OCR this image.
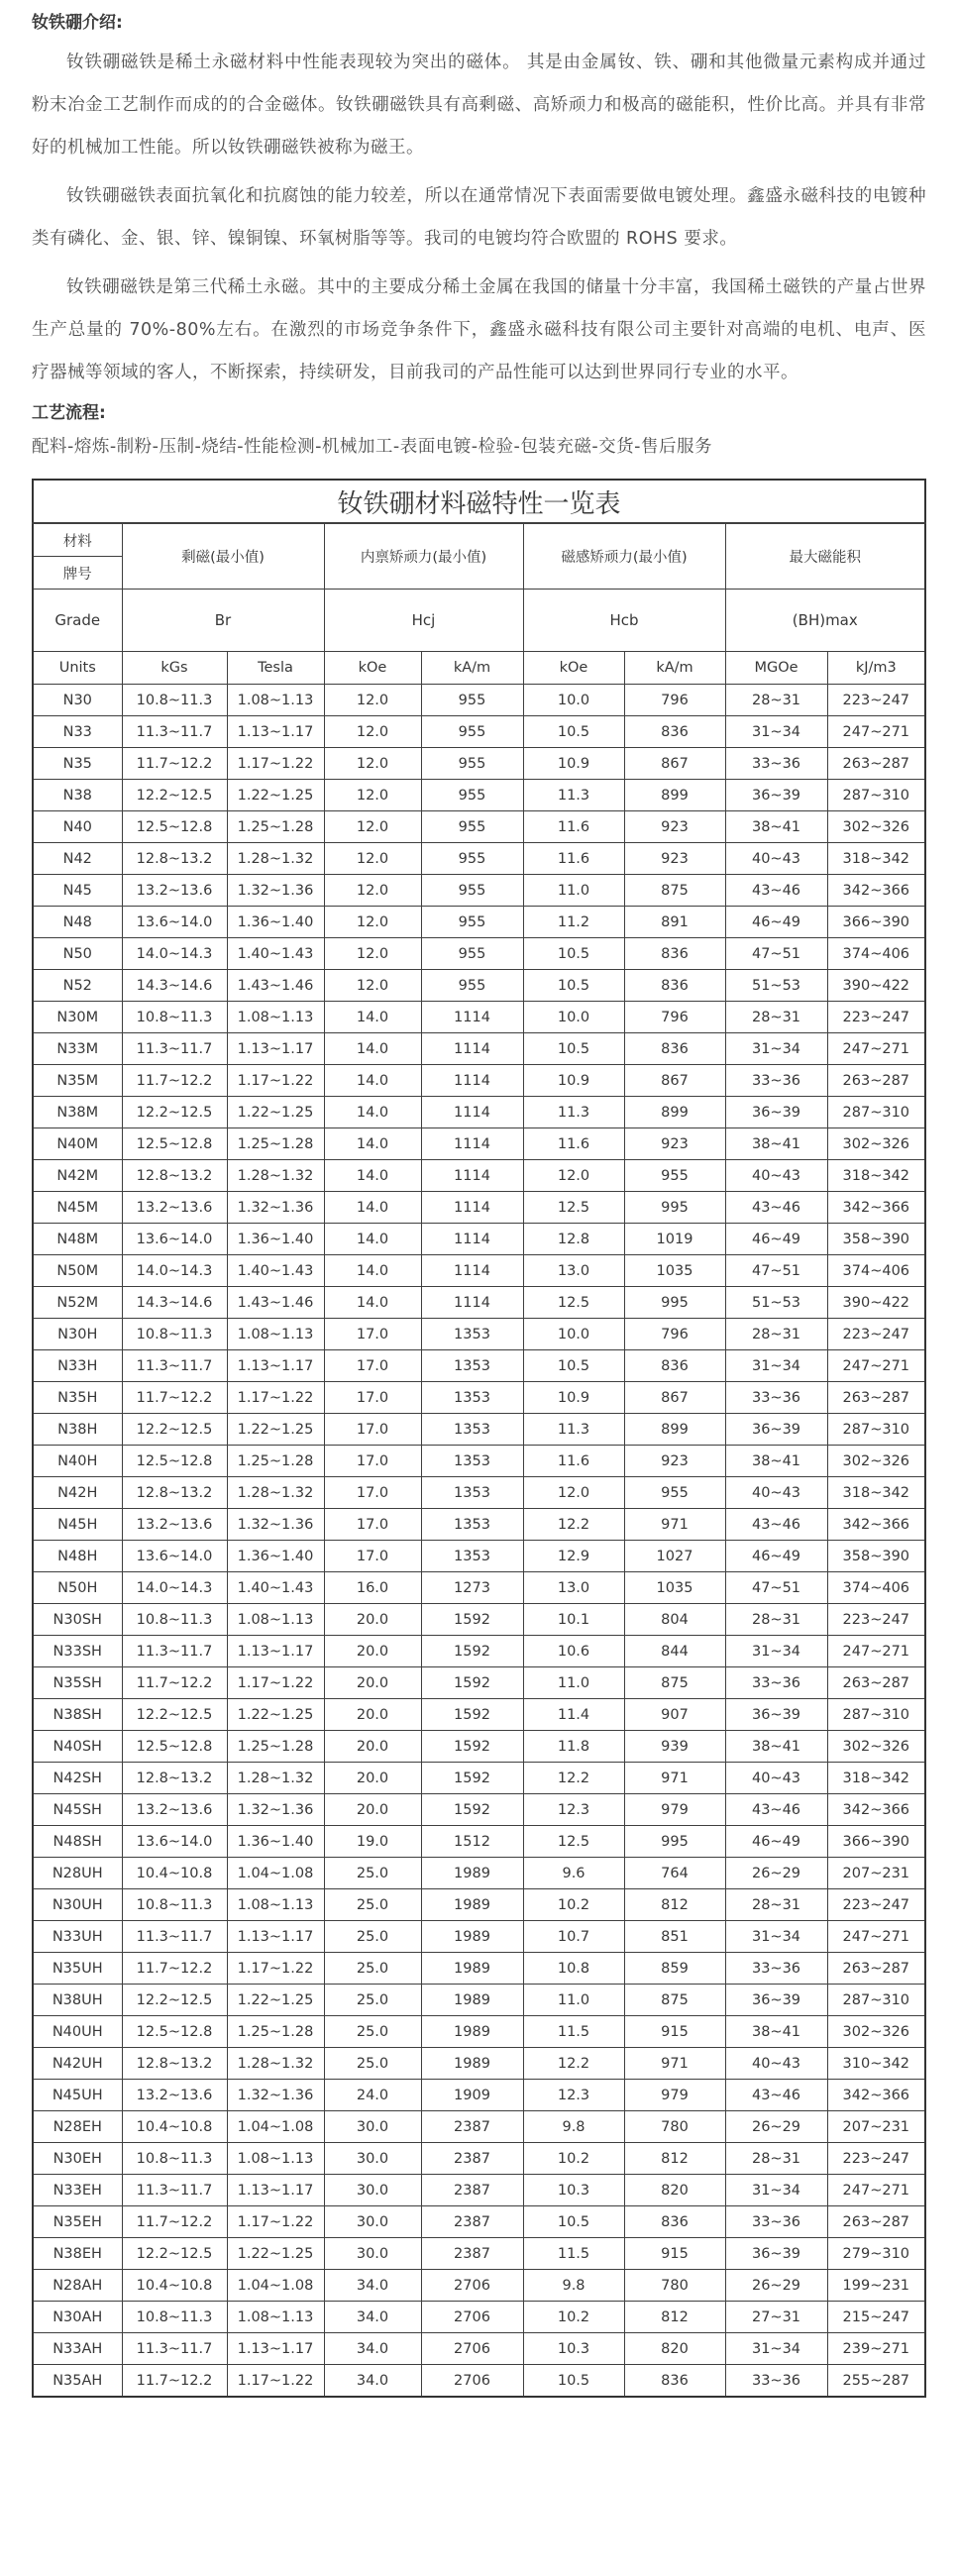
钕铁硼介绍:

钕铁硼磁铁是稀土永磁材料中性能表现较为突出的磁体。 其是由金属钕、铁、硼和其他微量元素构成并通过粉末冶金工艺制作而成的的合金磁体。钕铁硼磁铁具有高剩磁、高矫顽力和极高的磁能积，性价比高。并具有非常好的机械加工性能。所以钕铁硼磁铁被称为磁王。

钕铁硼磁铁表面抗氧化和抗腐蚀的能力较差，所以在通常情况下表面需要做电镀处理。鑫盛永磁科技的电镀种类有磷化、金、银、锌、镍铜镍、环氧树脂等等。我司的电镀均符合欧盟的 ROHS 要求。

钕铁硼磁铁是第三代稀土永磁。其中的主要成分稀土金属在我国的储量十分丰富，我国稀土磁铁的产量占世界生产总量的 70%-80%左右。在激烈的市场竞争条件下，鑫盛永磁科技有限公司主要针对高端的电机、电声、医疗器械等领域的客人，不断探索，持续研发，目前我司的产品性能可以达到世界同行专业的水平。

工艺流程:
配料-熔炼-制粉-压制-烧结-性能检测-机械加工-表面电镀-检验-包装充磁-交货-售后服务
钕铁硼材料磁特性一览表								
材料	剩磁(最小值)		内禀矫顽力(最小值)		磁感矫顽力(最小值)		最大磁能积	
牌号								
Grade	Br		Hcj		Hcb		(BH)max	
Units	kGs	Tesla	kOe	kA/m	kOe	kA/m	MGOe	kJ/m3
N30	10.8~11.3	1.08~1.13	12.0	955	10.0	796	28~31	223~247
N33	11.3~11.7	1.13~1.17	12.0	955	10.5	836	31~34	247~271
N35	11.7~12.2	1.17~1.22	12.0	955	10.9	867	33~36	263~287
N38	12.2~12.5	1.22~1.25	12.0	955	11.3	899	36~39	287~310
N40	12.5~12.8	1.25~1.28	12.0	955	11.6	923	38~41	302~326
N42	12.8~13.2	1.28~1.32	12.0	955	11.6	923	40~43	318~342
N45	13.2~13.6	1.32~1.36	12.0	955	11.0	875	43~46	342~366
N48	13.6~14.0	1.36~1.40	12.0	955	11.2	891	46~49	366~390
N50	14.0~14.3	1.40~1.43	12.0	955	10.5	836	47~51	374~406
N52	14.3~14.6	1.43~1.46	12.0	955	10.5	836	51~53	390~422
N30M	10.8~11.3	1.08~1.13	14.0	1114	10.0	796	28~31	223~247
N33M	11.3~11.7	1.13~1.17	14.0	1114	10.5	836	31~34	247~271
N35M	11.7~12.2	1.17~1.22	14.0	1114	10.9	867	33~36	263~287
N38M	12.2~12.5	1.22~1.25	14.0	1114	11.3	899	36~39	287~310
N40M	12.5~12.8	1.25~1.28	14.0	1114	11.6	923	38~41	302~326
N42M	12.8~13.2	1.28~1.32	14.0	1114	12.0	955	40~43	318~342
N45M	13.2~13.6	1.32~1.36	14.0	1114	12.5	995	43~46	342~366
N48M	13.6~14.0	1.36~1.40	14.0	1114	12.8	1019	46~49	358~390
N50M	14.0~14.3	1.40~1.43	14.0	1114	13.0	1035	47~51	374~406
N52M	14.3~14.6	1.43~1.46	14.0	1114	12.5	995	51~53	390~422
N30H	10.8~11.3	1.08~1.13	17.0	1353	10.0	796	28~31	223~247
N33H	11.3~11.7	1.13~1.17	17.0	1353	10.5	836	31~34	247~271
N35H	11.7~12.2	1.17~1.22	17.0	1353	10.9	867	33~36	263~287
N38H	12.2~12.5	1.22~1.25	17.0	1353	11.3	899	36~39	287~310
N40H	12.5~12.8	1.25~1.28	17.0	1353	11.6	923	38~41	302~326
N42H	12.8~13.2	1.28~1.32	17.0	1353	12.0	955	40~43	318~342
N45H	13.2~13.6	1.32~1.36	17.0	1353	12.2	971	43~46	342~366
N48H	13.6~14.0	1.36~1.40	17.0	1353	12.9	1027	46~49	358~390
N50H	14.0~14.3	1.40~1.43	16.0	1273	13.0	1035	47~51	374~406
N30SH	10.8~11.3	1.08~1.13	20.0	1592	10.1	804	28~31	223~247
N33SH	11.3~11.7	1.13~1.17	20.0	1592	10.6	844	31~34	247~271
N35SH	11.7~12.2	1.17~1.22	20.0	1592	11.0	875	33~36	263~287
N38SH	12.2~12.5	1.22~1.25	20.0	1592	11.4	907	36~39	287~310
N40SH	12.5~12.8	1.25~1.28	20.0	1592	11.8	939	38~41	302~326
N42SH	12.8~13.2	1.28~1.32	20.0	1592	12.2	971	40~43	318~342
N45SH	13.2~13.6	1.32~1.36	20.0	1592	12.3	979	43~46	342~366
N48SH	13.6~14.0	1.36~1.40	19.0	1512	12.5	995	46~49	366~390
N28UH	10.4~10.8	1.04~1.08	25.0	1989	9.6	764	26~29	207~231
N30UH	10.8~11.3	1.08~1.13	25.0	1989	10.2	812	28~31	223~247
N33UH	11.3~11.7	1.13~1.17	25.0	1989	10.7	851	31~34	247~271
N35UH	11.7~12.2	1.17~1.22	25.0	1989	10.8	859	33~36	263~287
N38UH	12.2~12.5	1.22~1.25	25.0	1989	11.0	875	36~39	287~310
N40UH	12.5~12.8	1.25~1.28	25.0	1989	11.5	915	38~41	302~326
N42UH	12.8~13.2	1.28~1.32	25.0	1989	12.2	971	40~43	310~342
N45UH	13.2~13.6	1.32~1.36	24.0	1909	12.3	979	43~46	342~366
N28EH	10.4~10.8	1.04~1.08	30.0	2387	9.8	780	26~29	207~231
N30EH	10.8~11.3	1.08~1.13	30.0	2387	10.2	812	28~31	223~247
N33EH	11.3~11.7	1.13~1.17	30.0	2387	10.3	820	31~34	247~271
N35EH	11.7~12.2	1.17~1.22	30.0	2387	10.5	836	33~36	263~287
N38EH	12.2~12.5	1.22~1.25	30.0	2387	11.5	915	36~39	279~310
N28AH	10.4~10.8	1.04~1.08	34.0	2706	9.8	780	26~29	199~231
N30AH	10.8~11.3	1.08~1.13	34.0	2706	10.2	812	27~31	215~247
N33AH	11.3~11.7	1.13~1.17	34.0	2706	10.3	820	31~34	239~271
N35AH	11.7~12.2	1.17~1.22	34.0	2706	10.5	836	33~36	255~287
